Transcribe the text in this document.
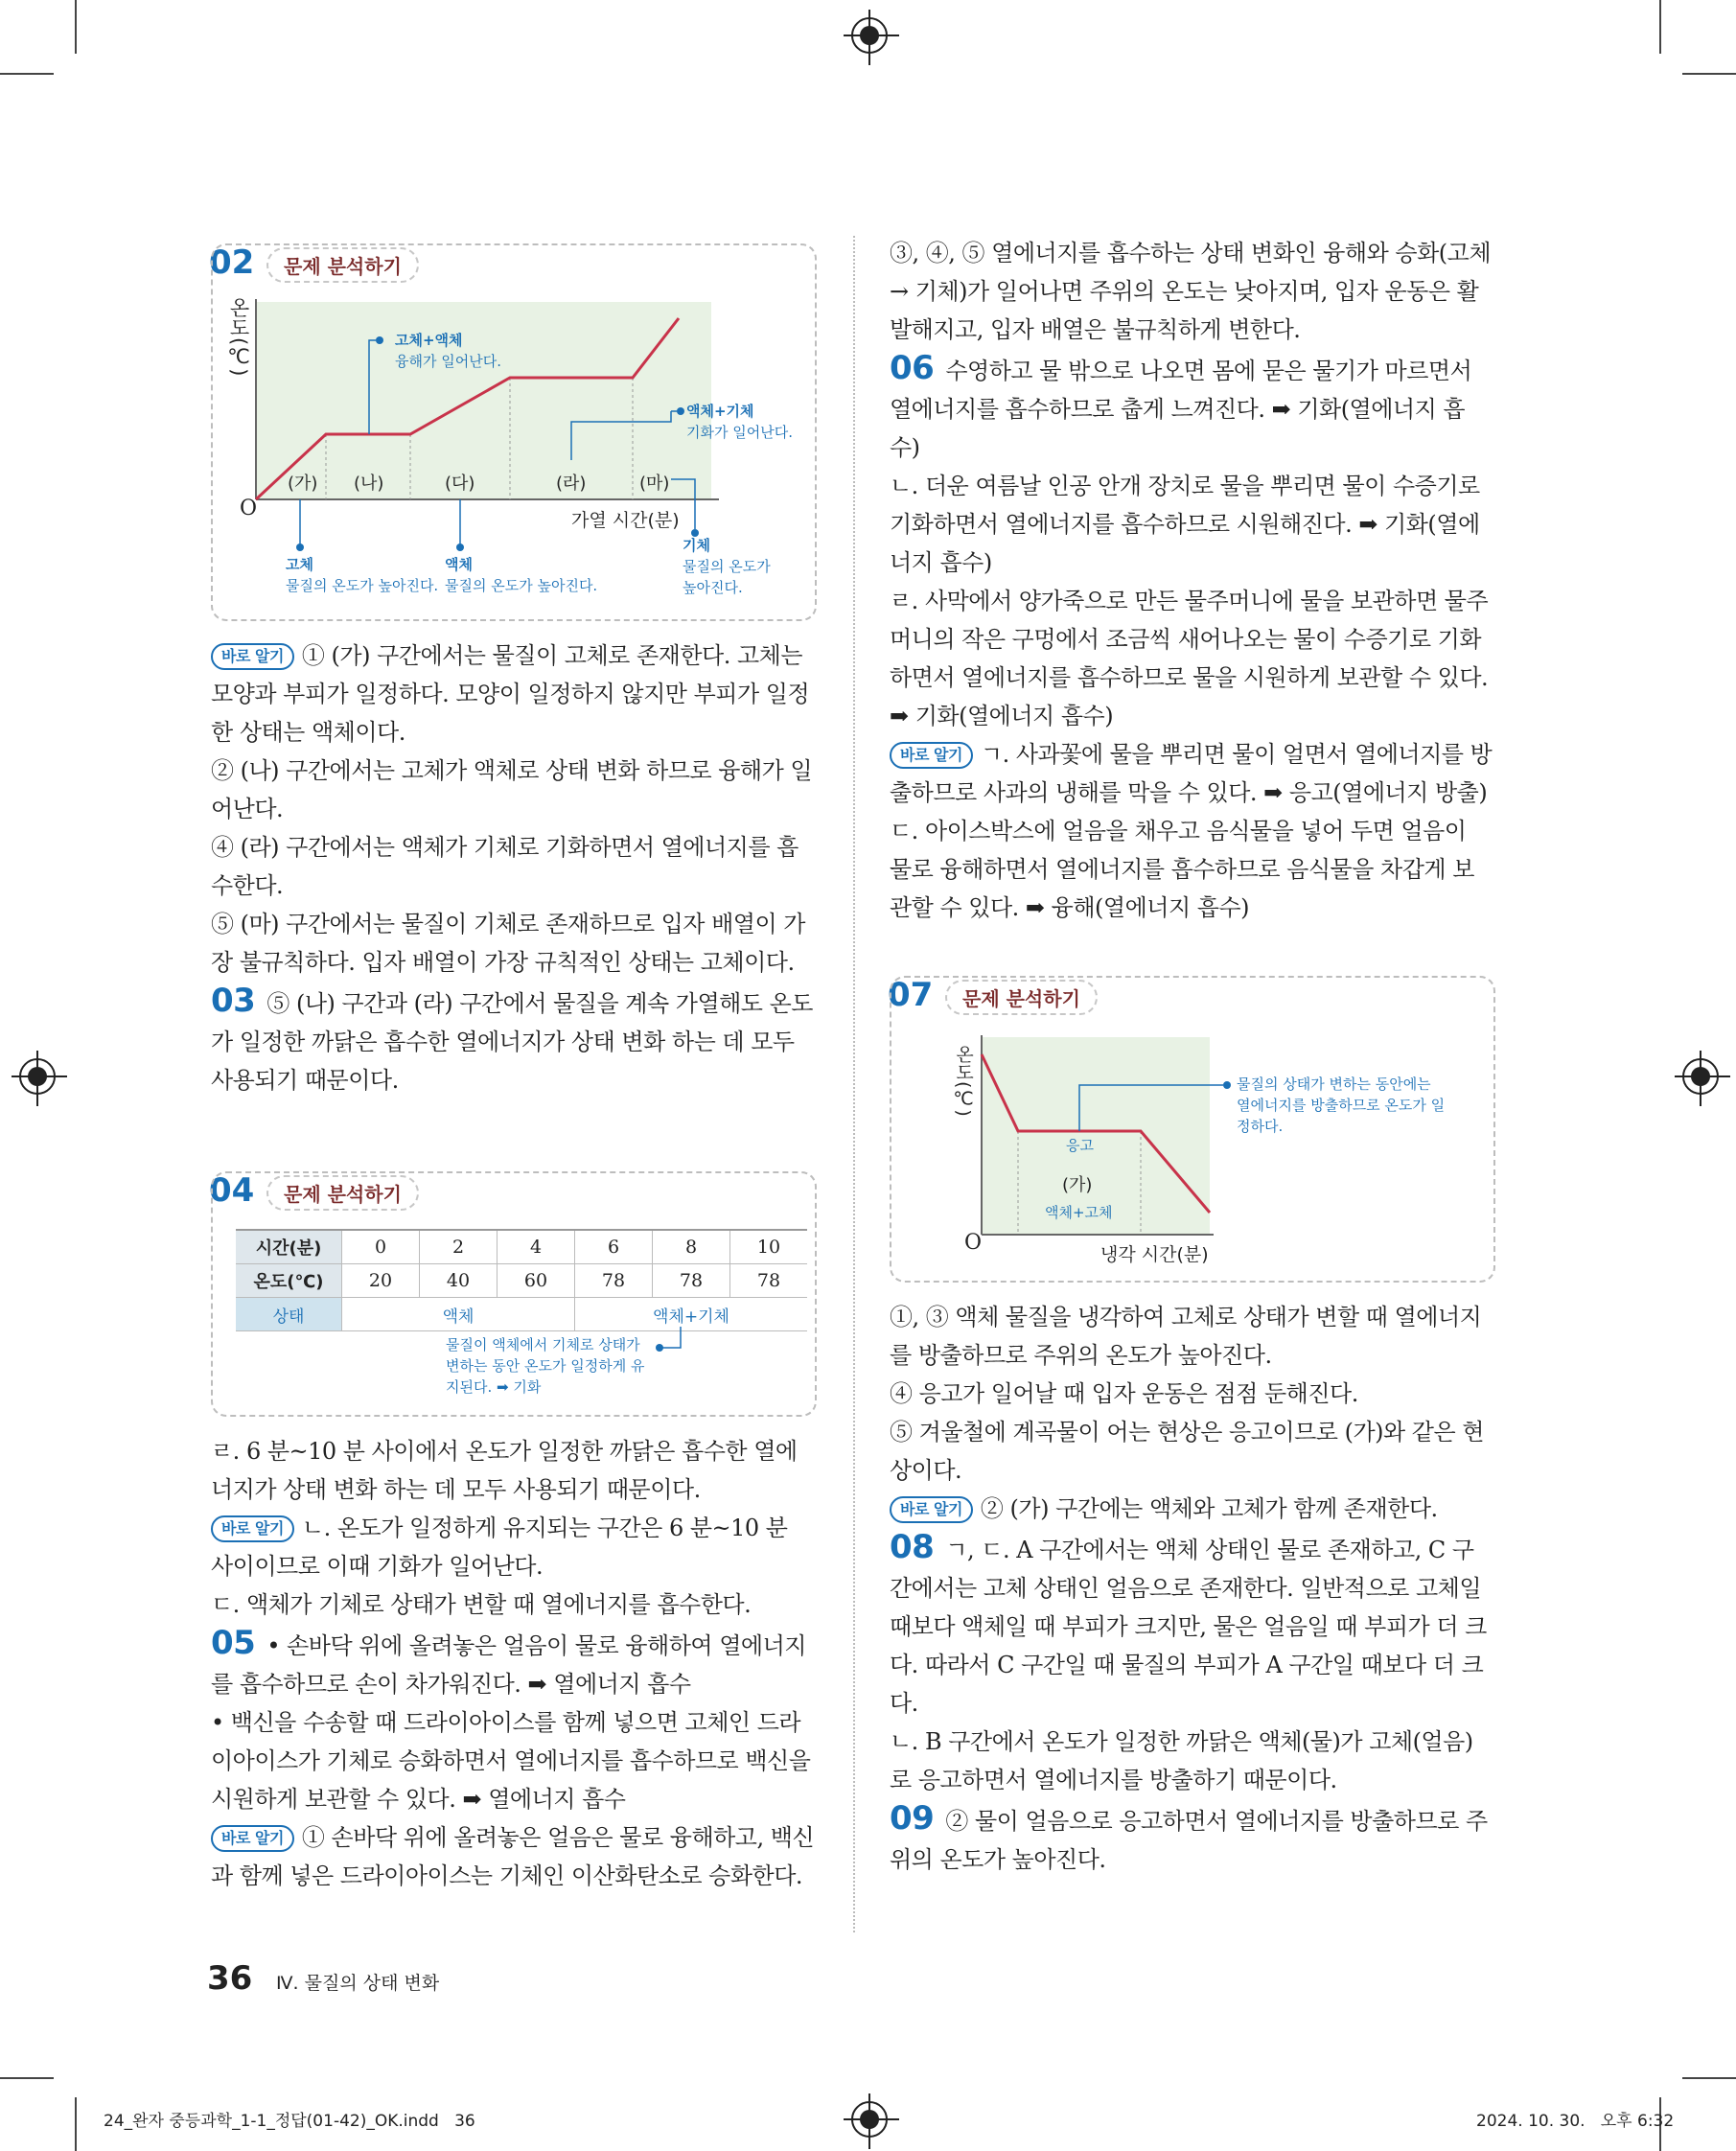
02	문제 분석하기
온도(℃)
O	가열 시간(분)
(가) (나)	(다)	(라)	(마)
고체+액체
융해가 일어난다.
액체+기체
기화가 일어난다.
고체
물질의 온도가 높아진다.
액체
물질의 온도가 높아진다.
기체
물질의 온도가
높아진다.

바로 알기 ① (가) 구간에서는 물질이 고체로 존재한다. 고체는 모양과 부피가 일정하다. 모양이 일정하지 않지만 부피가 일정한 상태는 액체이다.

② (나) 구간에서는 고체가 액체로 상태 변화 하므로 융해가 일어난다.

④ (라) 구간에서는 액체가 기체로 기화하면서 열에너지를 흡수한다.

⑤ (마) 구간에서는 물질이 기체로 존재하므로 입자 배열이 가장 불규칙하다. 입자 배열이 가장 규칙적인 상태는 고체이다.

03 ⑤ (나) 구간과 (라) 구간에서 물질을 계속 가열해도 온도가 일정한 까닭은 흡수한 열에너지가 상태 변화 하는 데 모두 사용되기 때문이다.

04	문제 분석하기
시간(분)	0	2	4	6	8	10
온도(℃)	20	40	60	78	78	78
상태	액체			액체+기체		
물질이 액체에서 기체로 상태가
변하는 동안 온도가 일정하게 유
지된다. ➡ 기화

ㄹ. 6 분~10 분 사이에서 온도가 일정한 까닭은 흡수한 열에너지가 상태 변화 하는 데 모두 사용되기 때문이다.

바로 알기 ㄴ. 온도가 일정하게 유지되는 구간은 6 분~10 분 사이이므로 이때 기화가 일어난다.

ㄷ. 액체가 기체로 상태가 변할 때 열에너지를 흡수한다.

05 • 손바닥 위에 올려놓은 얼음이 물로 융해하여 열에너지를 흡수하므로 손이 차가워진다. ➡ 열에너지 흡수

• 백신을 수송할 때 드라이아이스를 함께 넣으면 고체인 드라이아이스가 기체로 승화하면서 열에너지를 흡수하므로 백신을 시원하게 보관할 수 있다. ➡ 열에너지 흡수

바로 알기 ① 손바닥 위에 올려놓은 얼음은 물로 융해하고, 백신과 함께 넣은 드라이아이스는 기체인 이산화탄소로 승화한다.

③, ④, ⑤ 열에너지를 흡수하는 상태 변화인 융해와 승화(고체 → 기체)가 일어나면 주위의 온도는 낮아지며, 입자 운동은 활발해지고, 입자 배열은 불규칙하게 변한다.

06 수영하고 물 밖으로 나오면 몸에 묻은 물기가 마르면서 열에너지를 흡수하므로 춥게 느껴진다. ➡ 기화(열에너지 흡수)

ㄴ. 더운 여름날 인공 안개 장치로 물을 뿌리면 물이 수증기로 기화하면서 열에너지를 흡수하므로 시원해진다. ➡ 기화(열에너지 흡수)

ㄹ. 사막에서 양가죽으로 만든 물주머니에 물을 보관하면 물주머니의 작은 구멍에서 조금씩 새어나오는 물이 수증기로 기화하면서 열에너지를 흡수하므로 물을 시원하게 보관할 수 있다. ➡ 기화(열에너지 흡수)

바로 알기 ㄱ. 사과꽃에 물을 뿌리면 물이 얼면서 열에너지를 방출하므로 사과의 냉해를 막을 수 있다. ➡ 응고(열에너지 방출)

ㄷ. 아이스박스에 얼음을 채우고 음식물을 넣어 두면 얼음이 물로 융해하면서 열에너지를 흡수하므로 음식물을 차갑게 보관할 수 있다. ➡ 융해(열에너지 흡수)

07	문제 분석하기
온도(℃)
O	냉각 시간(분)
응고
(가)
액체+고체
물질의 상태가 변하는 동안에는
열에너지를 방출하므로 온도가 일
정하다.

①, ③ 액체 물질을 냉각하여 고체로 상태가 변할 때 열에너지를 방출하므로 주위의 온도가 높아진다.

④ 응고가 일어날 때 입자 운동은 점점 둔해진다.

⑤ 겨울철에 계곡물이 어는 현상은 응고이므로 (가)와 같은 현상이다.

바로 알기 ② (가) 구간에는 액체와 고체가 함께 존재한다.

08 ㄱ, ㄷ. A 구간에서는 액체 상태인 물로 존재하고, C 구간에서는 고체 상태인 얼음으로 존재한다. 일반적으로 고체일 때보다 액체일 때 부피가 크지만, 물은 얼음일 때 부피가 더 크다. 따라서 C 구간일 때 물질의 부피가 A 구간일 때보다 더 크다.

ㄴ. B 구간에서 온도가 일정한 까닭은 액체(물)가 고체(얼음)로 응고하면서 열에너지를 방출하기 때문이다.

09 ② 물이 얼음으로 응고하면서 열에너지를 방출하므로 주위의 온도가 높아진다.

36 Ⅳ. 물질의 상태 변화
24_완자 중등과학_1-1_정답(01-42)_OK.indd   36	2024. 10. 30.   오후 6:32
